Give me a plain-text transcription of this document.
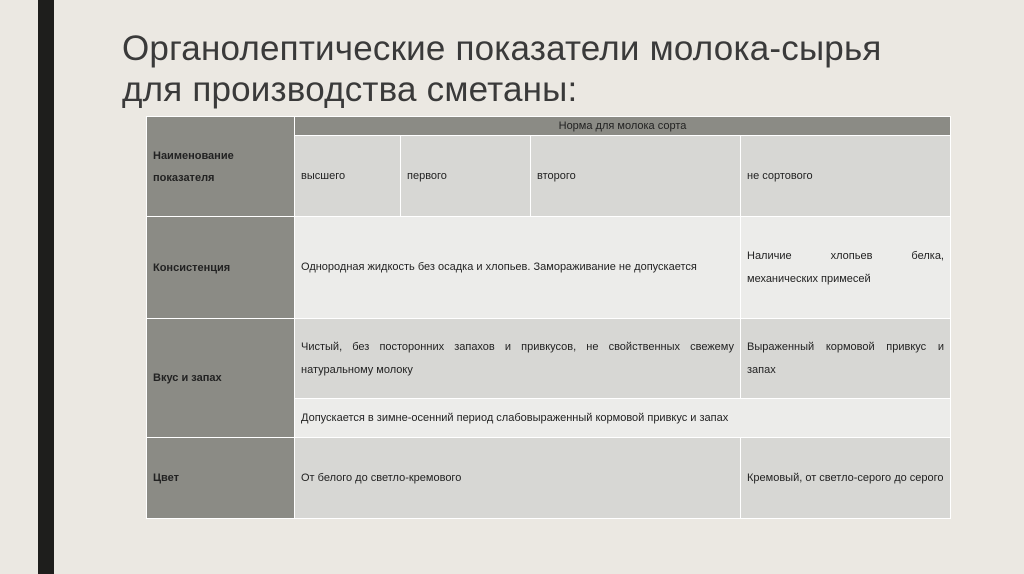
Органолептические показатели молока-сырья
для производства сметаны:
Наименование показателя	Норма для молока сорта			
	высшего	первого	второго	не сортового
Консистенция	Однородная жидкость без осадка и хлопьев. Замораживание не допускается			Наличие хлопьев белка, механических примесей
Вкус и запах	Чистый, без посторонних запахов и привкусов, не свойственных свежему натуральному молоку			Выраженный кормовой привкус и запах
	Допускается в зимне-осенний период слабовыраженный кормовой привкус и запах			
Цвет	От белого до светло-кремового			Кремовый, от светло-серого до серого
